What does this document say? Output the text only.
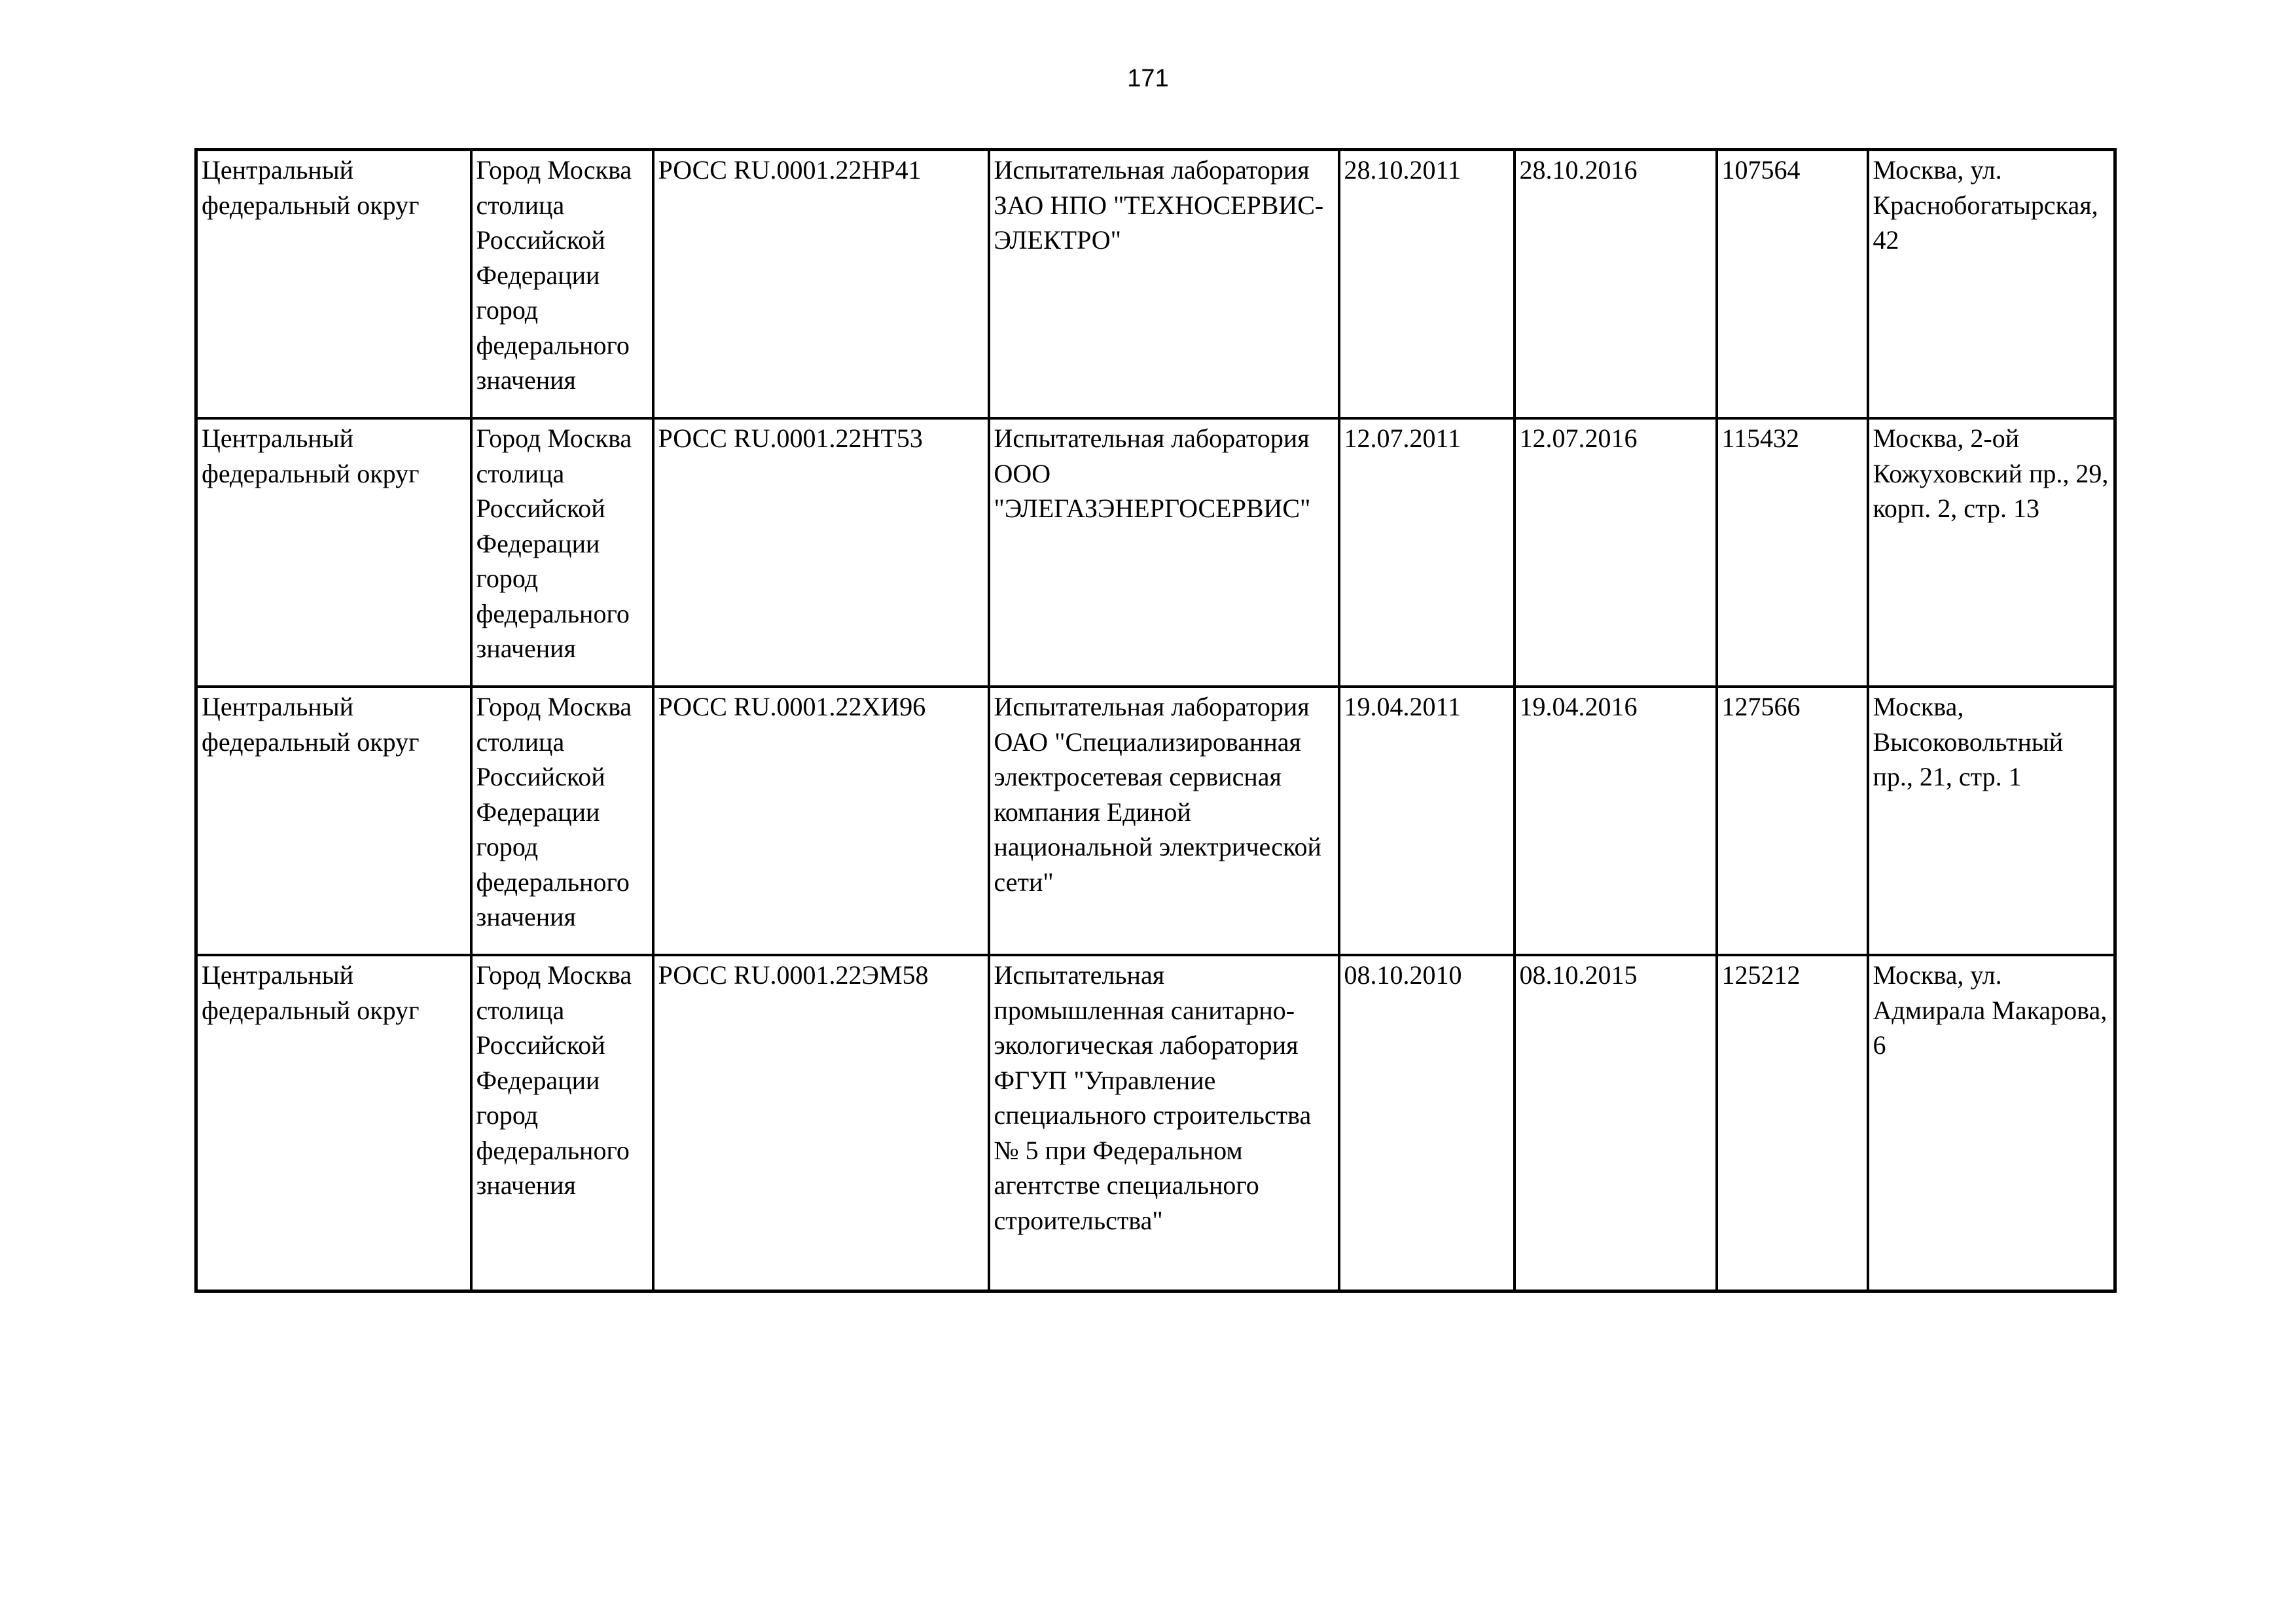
171
Центральный федеральный округ	Город Москва столица Российской Федерации город федерального значения	РОСС RU.0001.22НР41	Испытательная лаборатория ЗАО НПО "ТЕХНОСЕРВИС-ЭЛЕКТРО"	28.10.2011	28.10.2016	107564	Москва, ул. Краснобогатырская, 42
Центральный федеральный округ	Город Москва столица Российской Федерации город федерального значения	РОСС RU.0001.22НТ53	Испытательная лаборатория ООО "ЭЛЕГАЗЭНЕРГОСЕРВИС"	12.07.2011	12.07.2016	115432	Москва, 2-ой Кожуховский пр., 29, корп. 2, стр. 13
Центральный федеральный округ	Город Москва столица Российской Федерации город федерального значения	РОСС RU.0001.22ХИ96	Испытательная лаборатория ОАО "Специализированная электросетевая сервисная компания Единой национальной электрической сети"	19.04.2011	19.04.2016	127566	Москва, Высоковольтный пр., 21, стр. 1
Центральный федеральный округ	Город Москва столица Российской Федерации город федерального значения	РОСС RU.0001.22ЭМ58	Испытательная промышленная санитарно-экологическая лаборатория ФГУП "Управление специального строительства № 5 при Федеральном агентстве специального строительства"	08.10.2010	08.10.2015	125212	Москва, ул. Адмирала Макарова, 6
